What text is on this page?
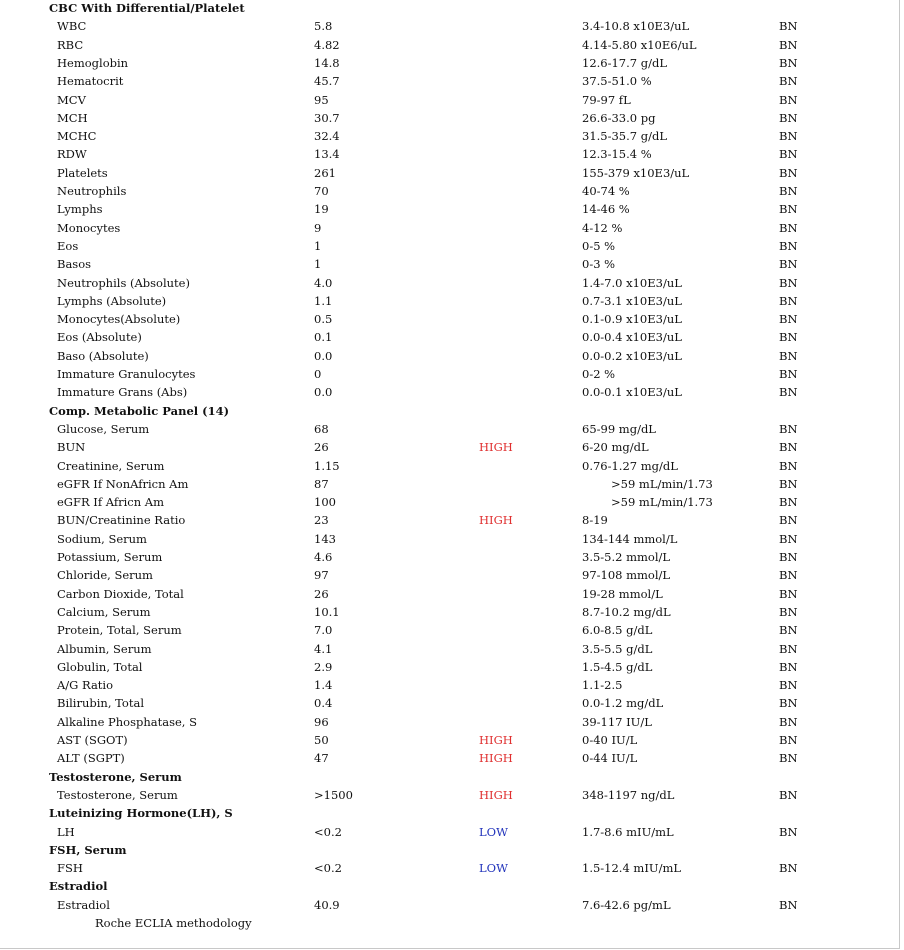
CBC With Differential/Platelet
WBC	5.8	3.4-10.8 x10E3/uL	BN
RBC	4.82	4.14-5.80 x10E6/uL	BN
Hemoglobin	14.8	12.6-17.7 g/dL	BN
Hematocrit	45.7	37.5-51.0 %	BN
MCV	95	79-97 fL	BN
MCH	30.7	26.6-33.0 pg	BN
MCHC	32.4	31.5-35.7 g/dL	BN
RDW	13.4	12.3-15.4 %	BN
Platelets	261	155-379 x10E3/uL	BN
Neutrophils	70	40-74 %	BN
Lymphs	19	14-46 %	BN
Monocytes	9	4-12 %	BN
Eos	1	0-5 %	BN
Basos	1	0-3 %	BN
Neutrophils (Absolute)	4.0	1.4-7.0 x10E3/uL	BN
Lymphs (Absolute)	1.1	0.7-3.1 x10E3/uL	BN
Monocytes(Absolute)	0.5	0.1-0.9 x10E3/uL	BN
Eos (Absolute)	0.1	0.0-0.4 x10E3/uL	BN
Baso (Absolute)	0.0	0.0-0.2 x10E3/uL	BN
Immature Granulocytes	0	0-2 %	BN
Immature Grans (Abs)	0.0	0.0-0.1 x10E3/uL	BN
Comp. Metabolic Panel (14)
Glucose, Serum	68	65-99 mg/dL	BN
BUN	26	HIGH	6-20 mg/dL	BN
Creatinine, Serum	1.15	0.76-1.27 mg/dL	BN
eGFR If NonAfricn Am	87	>59 mL/min/1.73	BN
eGFR If Africn Am	100	>59 mL/min/1.73	BN
BUN/Creatinine Ratio	23	HIGH	8-19	BN
Sodium, Serum	143	134-144 mmol/L	BN
Potassium, Serum	4.6	3.5-5.2 mmol/L	BN
Chloride, Serum	97	97-108 mmol/L	BN
Carbon Dioxide, Total	26	19-28 mmol/L	BN
Calcium, Serum	10.1	8.7-10.2 mg/dL	BN
Protein, Total, Serum	7.0	6.0-8.5 g/dL	BN
Albumin, Serum	4.1	3.5-5.5 g/dL	BN
Globulin, Total	2.9	1.5-4.5 g/dL	BN
A/G Ratio	1.4	1.1-2.5	BN
Bilirubin, Total	0.4	0.0-1.2 mg/dL	BN
Alkaline Phosphatase, S	96	39-117 IU/L	BN
AST (SGOT)	50	HIGH	0-40 IU/L	BN
ALT (SGPT)	47	HIGH	0-44 IU/L	BN
Testosterone, Serum
Testosterone, Serum	>1500	HIGH	348-1197 ng/dL	BN
Luteinizing Hormone(LH), S
LH	<0.2	LOW	1.7-8.6 mIU/mL	BN
FSH, Serum
FSH	<0.2	LOW	1.5-12.4 mIU/mL	BN
Estradiol
Estradiol	40.9	7.6-42.6 pg/mL	BN
Roche ECLIA methodology
